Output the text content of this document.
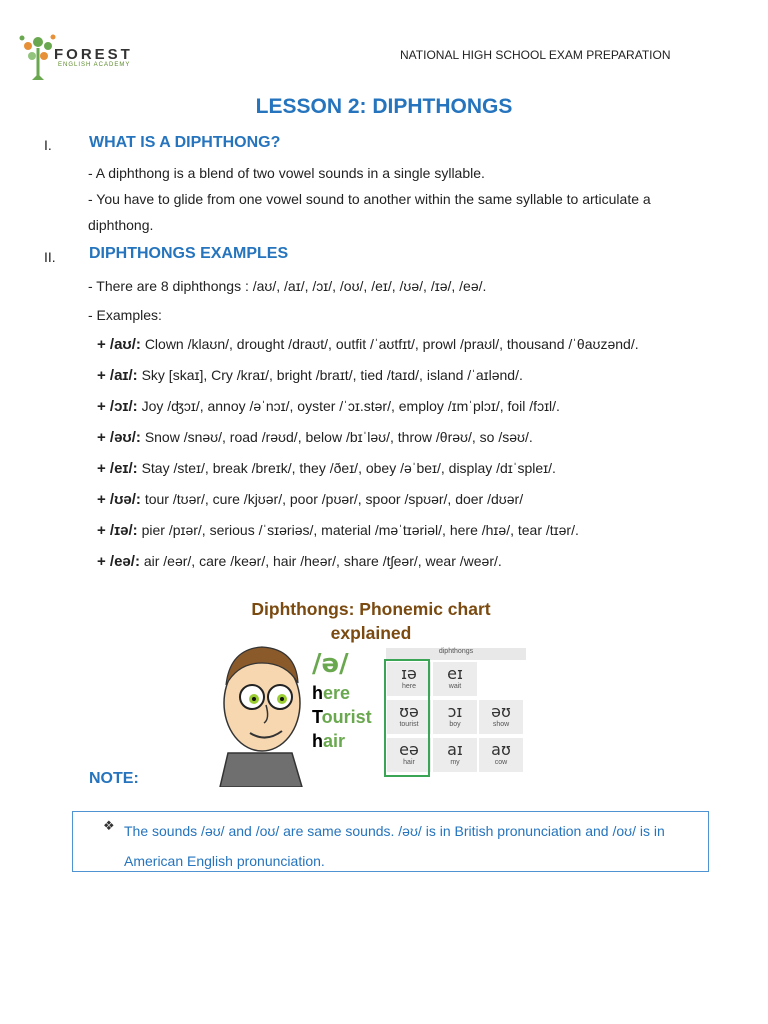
FOREST
ENGLISH ACADEMY
NATIONAL HIGH SCHOOL EXAM PREPARATION
LESSON 2: DIPHTHONGS
I. WHAT IS A DIPHTHONG?
- A diphthong is a blend of two vowel sounds in a single syllable.
- You have to glide from one vowel sound to another within the same syllable to articulate a diphthong.
II. DIPHTHONGS EXAMPLES
- There are 8 diphthongs : /aʊ/, /aɪ/, /ɔɪ/, /oʊ/, /eɪ/, /ʊə/, /ɪə/, /eə/.
- Examples:
+ /aʊ/: Clown /klaʊn/, drought /draʊt/, outfit /ˈaʊtfɪt/, prowl /praʊl/, thousand /ˈθaʊzənd/.
+ /aɪ/: Sky [skaɪ], Cry /kraɪ/, bright /braɪt/, tied /taɪd/, island /ˈaɪlənd/.
+ /ɔɪ/: Joy /ʤɔɪ/, annoy /əˈnɔɪ/, oyster /ˈɔɪ.stər/, employ /ɪmˈplɔɪ/, foil /fɔɪl/.
+ /əʊ/: Snow /snəʊ/, road /rəʊd/, below /bɪˈləʊ/, throw /θrəʊ/, so /səʊ/.
+ /eɪ/: Stay /steɪ/, break /breɪk/, they /ðeɪ/, obey /əˈbeɪ/, display /dɪˈspleɪ/.
+ /ʊə/: tour /tʊər/, cure /kjʊər/, poor /pʊər/, spoor /spʊər/, doer /dʊər/
+ /ɪə/: pier /pɪər/, serious /ˈsɪəriəs/, material /məˈtɪəriəl/, here /hɪə/, tear /tɪər/.
+ /eə/: air /eər/, care /keər/, hair /heər/, share /tʃeər/, wear /weər/.
Diphthongs: Phonemic chart
explained
/ə/
here
Tourist
hair
diphthongs
ɪə
here
eɪ
wait
ʊə
tourist
ɔɪ
boy
əʊ
show
eə
hair
aɪ
my
aʊ
cow
NOTE:
❖ The sounds /əʊ/ and /oʊ/ are same sounds. /əʊ/ is in British pronunciation and /oʊ/ is in American English pronunciation.
